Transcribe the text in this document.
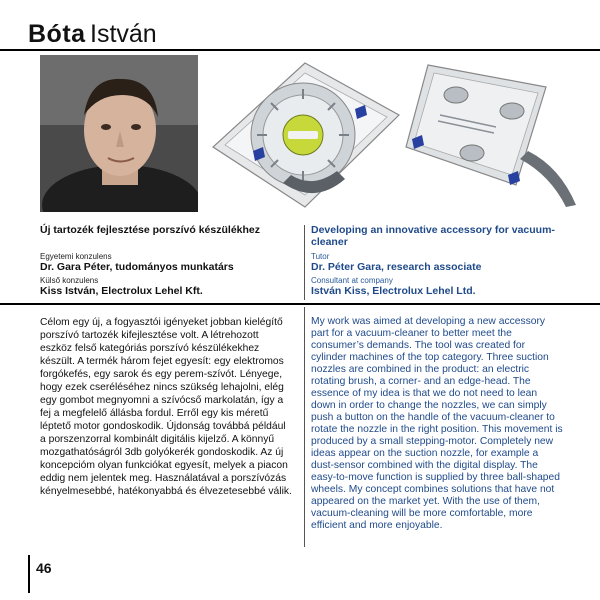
Bóta István
Új tartozék fejlesztése porszívó készülékhez	Developing an innovative accessory for vacuum-cleaner
Egyetemi konzulens
Dr. Gara Péter, tudományos munkatárs
Külső konzulens
Kiss István, Electrolux Lehel Kft.
Tutor
Dr. Péter Gara, research associate
Consultant at company
István Kiss, Electrolux Lehel Ltd.
Célom egy új, a fogyasztói igényeket jobban kielégítő porszívó tartozék kifejlesztése volt. A létrehozott eszköz felső kategóriás porszívó készülékekhez készült. A termék három fejet egyesít: egy elektromos forgókefés, egy sarok és egy perem-szívót. Lényege, hogy ezek cseréléséhez nincs szükség lehajolni, elég egy gombot megnyomni a szívócső markolatán, így a fej a megfelelő állásba fordul. Erről egy kis méretű léptető motor gondoskodik. Újdonság továbbá például a porszenzorral kombinált digitális kijelző. A könnyű mozgathatóságról 3db golyókerék gondoskodik. Az új koncepcióm olyan funkciókat egyesít, melyek a piacon eddig nem jelentek meg. Használatával a porszívózás kényelmesebbé, hatékonyabbá és élvezetesebbé válik.
My work was aimed at developing a new accessory part for a vacuum-cleaner to better meet the consumer’s demands. The tool was created for cylinder machines of the top category. Three suction nozzles are combined in the product: an electric rotating brush, a corner- and an edge-head. The essence of my idea is that we do not need to lean down in order to change the nozzles, we can simply push a button on the handle of the vacuum-cleaner to rotate the nozzle in the right position. This movement is produced by a small stepping-motor. Completely new ideas appear on the suction nozzle, for example a dust-sensor combined with the digital display. The easy-to-move function is supplied by three ball-shaped wheels. My concept combines solutions that have not appeared on the market yet. With the use of them, vacuum-cleaning will be more comfortable, more efficient and more enjoyable.
46
